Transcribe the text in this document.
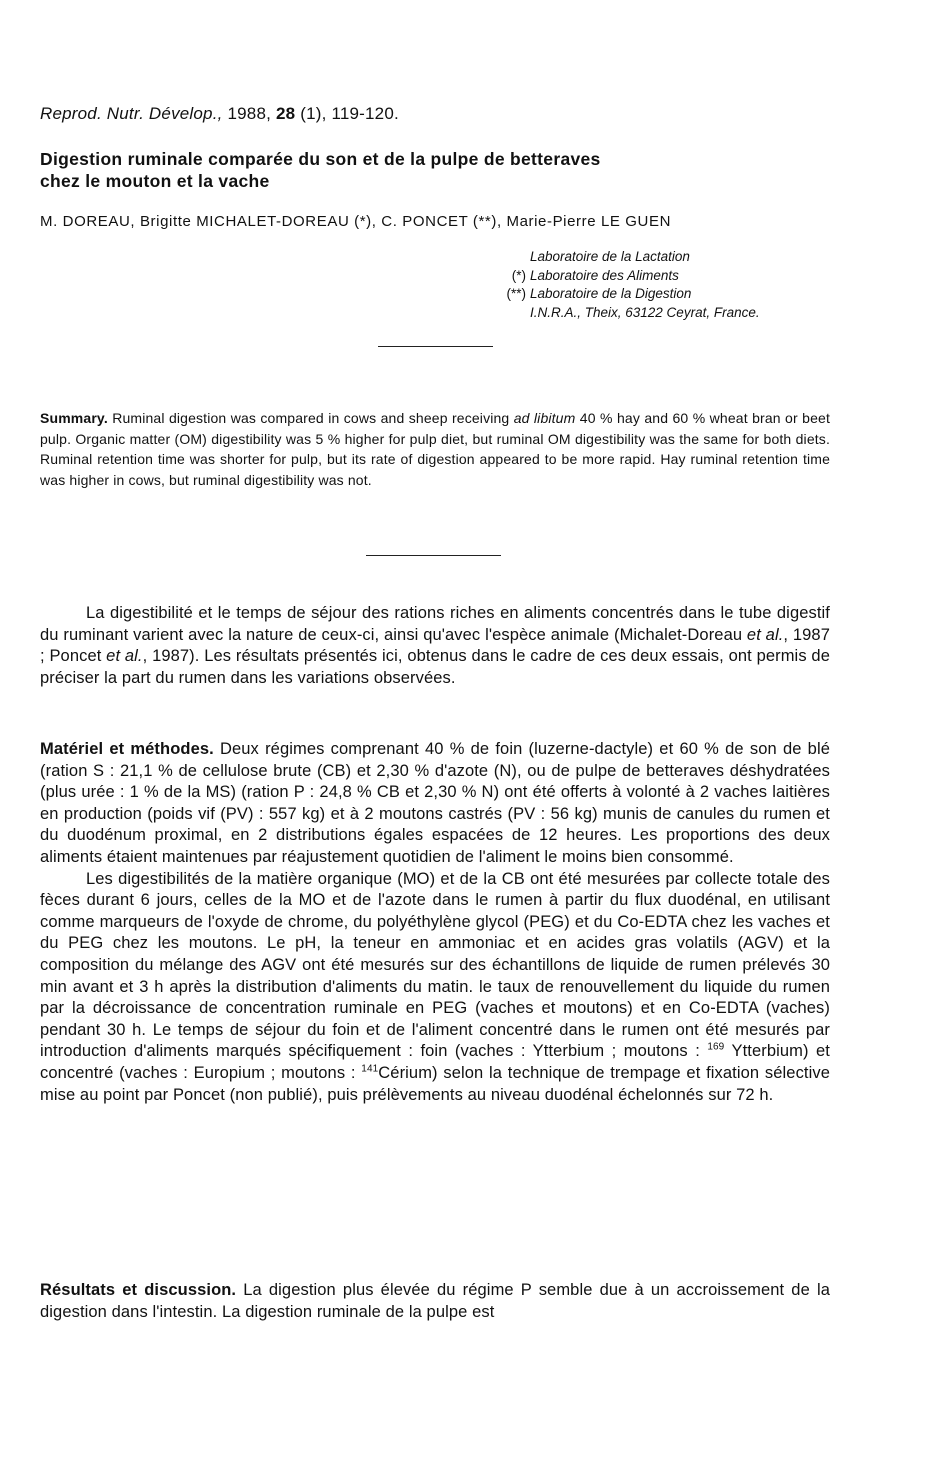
Reprod. Nutr. Dévelop., 1988, 28 (1), 119-120.
Digestion ruminale comparée du son et de la pulpe de betteraves
chez le mouton et la vache
M. DOREAU, Brigitte MICHALET-DOREAU (*), C. PONCET (**), Marie-Pierre LE GUEN
Laboratoire de la Lactation
(*) Laboratoire des Aliments
(**) Laboratoire de la Digestion
I.N.R.A., Theix, 63122 Ceyrat, France.
Summary. Ruminal digestion was compared in cows and sheep receiving ad libitum 40 % hay and 60 % wheat bran or beet pulp. Organic matter (OM) digestibility was 5 % higher for pulp diet, but ruminal OM digestibility was the same for both diets. Ruminal retention time was shorter for pulp, but its rate of digestion appeared to be more rapid. Hay ruminal retention time was higher in cows, but ruminal digestibility was not.

La digestibilité et le temps de séjour des rations riches en aliments concentrés dans le tube digestif du ruminant varient avec la nature de ceux-ci, ainsi qu'avec l'espèce animale (Michalet-Doreau et al., 1987 ; Poncet et al., 1987). Les résultats présentés ici, obtenus dans le cadre de ces deux essais, ont permis de préciser la part du rumen dans les variations observées.

Matériel et méthodes. Deux régimes comprenant 40 % de foin (luzerne-dactyle) et 60 % de son de blé (ration S : 21,1 % de cellulose brute (CB) et 2,30 % d'azote (N), ou de pulpe de betteraves déshydratées (plus urée : 1 % de la MS) (ration P : 24,8 % CB et 2,30 % N) ont été offerts à volonté à 2 vaches laitières en production (poids vif (PV) : 557 kg) et à 2 moutons castrés (PV : 56 kg) munis de canules du rumen et du duodénum proximal, en 2 distributions égales espacées de 12 heures. Les proportions des deux aliments étaient maintenues par réajustement quotidien de l'aliment le moins bien consommé.

Les digestibilités de la matière organique (MO) et de la CB ont été mesurées par collecte totale des fèces durant 6 jours, celles de la MO et de l'azote dans le rumen à partir du flux duodénal, en utilisant comme marqueurs de l'oxyde de chrome, du polyéthylène glycol (PEG) et du Co-EDTA chez les vaches et du PEG chez les moutons. Le pH, la teneur en ammoniac et en acides gras volatils (AGV) et la composition du mélange des AGV ont été mesurés sur des échantillons de liquide de rumen prélevés 30 min avant et 3 h après la distribution d'aliments du matin. le taux de renouvellement du liquide du rumen par la décroissance de concentration ruminale en PEG (vaches et moutons) et en Co-EDTA (vaches) pendant 30 h. Le temps de séjour du foin et de l'aliment concentré dans le rumen ont été mesurés par introduction d'aliments marqués spécifiquement : foin (vaches : Ytterbium ; moutons : $^{169}$ Ytterbium) et concentré (vaches : Europium ; moutons : $^{141}$Cérium) selon la technique de trempage et fixation sélective mise au point par Poncet (non publié), puis prélèvements au niveau duodénal échelonnés sur 72 h.

Résultats et discussion. La digestion plus élevée du régime P semble due à un accroissement de la digestion dans l'intestin. La digestion ruminale de la pulpe est
